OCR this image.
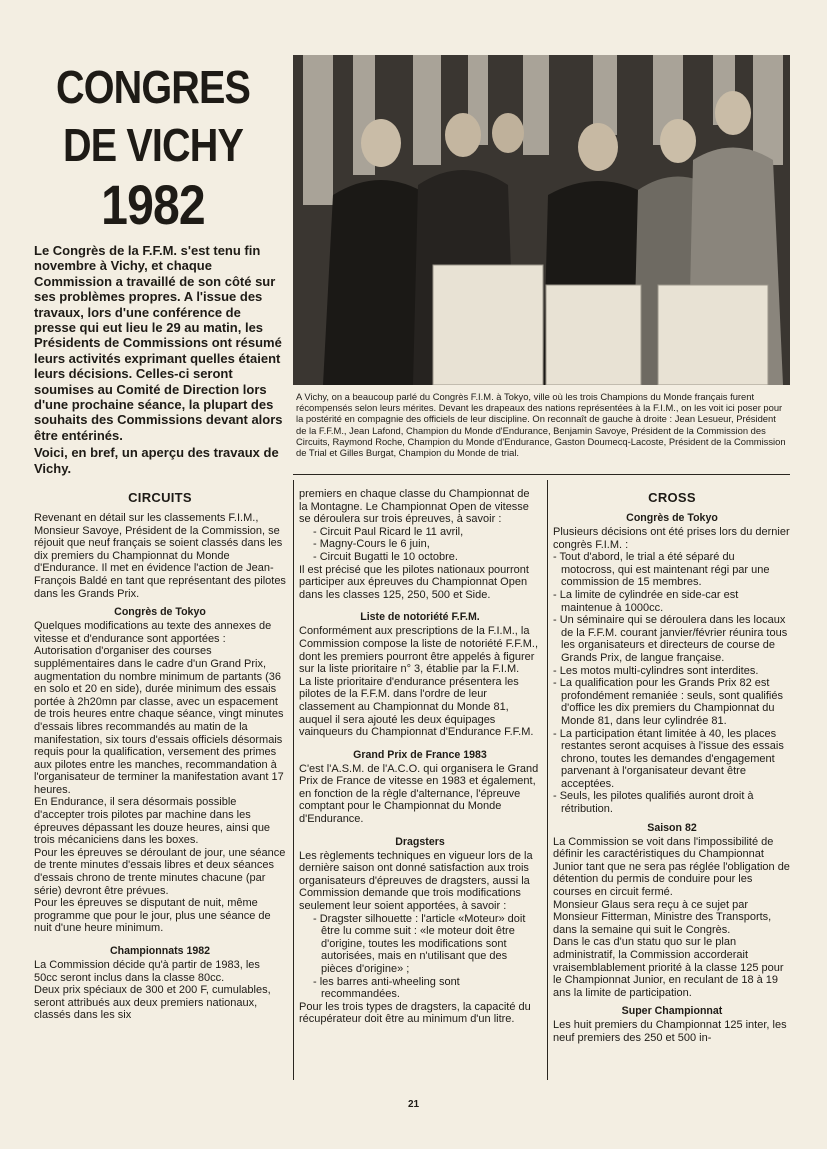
CONGRES
DE VICHY
1982

Le Congrès de la F.F.M. s'est tenu fin novembre à Vichy, et chaque Commission a travaillé de son côté sur ses problèmes propres. A l'issue des travaux, lors d'une conférence de presse qui eut lieu le 29 au matin, les Présidents de Commissions ont résumé leurs activités exprimant quelles étaient leurs décisions. Celles-ci seront soumises au Comité de Direction lors d'une prochaine séance, la plupart des souhaits des Commissions devant alors être entérinés.

Voici, en bref, un aperçu des travaux de Vichy.

A Vichy, on a beaucoup parlé du Congrès F.I.M. à Tokyo, ville où les trois Champions du Monde français furent récompensés selon leurs mérites. Devant les drapeaux des nations représentées à la F.I.M., on les voit ici poser pour la postérité en compagnie des officiels de leur discipline. On reconnaît de gauche à droite : Jean Lesueur, Président de la F.F.M., Jean Lafond, Champion du Monde d'Endurance, Benjamin Savoye, Président de la Commission des Circuits, Raymond Roche, Champion du Monde d'Endurance, Gaston Doumecq-Lacoste, Président de la Commission de Trial et Gilles Burgat, Champion du Monde de trial.
CIRCUITS

Revenant en détail sur les classements F.I.M., Monsieur Savoye, Président de la Commission, se réjouit que neuf français se soient classés dans les dix premiers du Championnat du Monde d'Endurance. Il met en évidence l'action de Jean-François Baldé en tant que représentant des pilotes dans les Grands Prix.

Congrès de Tokyo

Quelques modifications au texte des annexes de vitesse et d'endurance sont apportées :

Autorisation d'organiser des courses supplémentaires dans le cadre d'un Grand Prix, augmentation du nombre minimum de partants (36 en solo et 20 en side), durée minimum des essais portée à 2h20mn par classe, avec un espacement de trois heures entre chaque séance, vingt minutes d'essais libres recommandés au matin de la manifestation, six tours d'essais officiels désormais requis pour la qualification, versement des primes aux pilotes entre les manches, recommandation à l'organisateur de terminer la manifestation avant 17 heures.

En Endurance, il sera désormais possible d'accepter trois pilotes par machine dans les épreuves dépassant les douze heures, ainsi que trois mécaniciens dans les boxes.

Pour les épreuves se déroulant de jour, une séance de trente minutes d'essais libres et deux séances d'essais chrono de trente minutes chacune (par série) devront être prévues.

Pour les épreuves se disputant de nuit, même programme que pour le jour, plus une séance de nuit d'une heure minimum.

Championnats 1982

La Commission décide qu'à partir de 1983, les 50cc seront inclus dans la classe 80cc.

Deux prix spéciaux de 300 et 200 F, cumulables, seront attribués aux deux premiers nationaux, classés dans les six

premiers en chaque classe du Championnat de la Montagne. Le Championnat Open de vitesse se déroulera sur trois épreuves, à savoir :

- Circuit Paul Ricard le 11 avril,
- Magny-Cours le 6 juin,
- Circuit Bugatti le 10 octobre.

Il est précisé que les pilotes nationaux pourront participer aux épreuves du Championnat Open dans les classes 125, 250, 500 et Side.

Liste de notoriété F.F.M.

Conformément aux prescriptions de la F.I.M., la Commission compose la liste de notoriété F.F.M., dont les premiers pourront être appelés à figurer sur la liste prioritaire n° 3, établie par la F.I.M.

La liste prioritaire d'endurance présentera les pilotes de la F.F.M. dans l'ordre de leur classement au Championnat du Monde 81, auquel il sera ajouté les deux équipages vainqueurs du Championnat d'Endurance F.F.M.

Grand Prix de France 1983

C'est l'A.S.M. de l'A.C.O. qui organisera le Grand Prix de France de vitesse en 1983 et également, en fonction de la règle d'alternance, l'épreuve comptant pour le Championnat du Monde d'Endurance.

Dragsters

Les règlements techniques en vigueur lors de la dernière saison ont donné satisfaction aux trois organisateurs d'épreuves de dragsters, aussi la Commission demande que trois modifications seulement leur soient apportées, à savoir :

- Dragster silhouette : l'article «Moteur» doit être lu comme suit : «le moteur doit être d'origine, toutes les modifications sont autorisées, mais en n'utilisant que des pièces d'origine» ;
- les barres anti-wheeling sont recommandées.

Pour les trois types de dragsters, la capacité du récupérateur doit être au minimum d'un litre.

CROSS
Congrès de Tokyo

Plusieurs décisions ont été prises lors du dernier congrès F.I.M. :

- Tout d'abord, le trial a été séparé du motocross, qui est maintenant régi par une commission de 15 membres.
- La limite de cylindrée en side-car est maintenue à 1000cc.
- Un séminaire qui se déroulera dans les locaux de la F.F.M. courant janvier/février réunira tous les organisateurs et directeurs de course de Grands Prix, de langue française.
- Les motos multi-cylindres sont interdites.
- La qualification pour les Grands Prix 82 est profondément remaniée : seuls, sont qualifiés d'office les dix premiers du Championnat du Monde 81, dans leur cylindrée 81.
- La participation étant limitée à 40, les places restantes seront acquises à l'issue des essais chrono, toutes les demandes d'engagement parvenant à l'organisateur devant être acceptées.
- Seuls, les pilotes qualifiés auront droit à rétribution.
Saison 82

La Commission se voit dans l'impossibilité de définir les caractéristiques du Championnat Junior tant que ne sera pas réglée l'obligation de détention du permis de conduire pour les courses en circuit fermé.

Monsieur Glaus sera reçu à ce sujet par Monsieur Fitterman, Ministre des Transports, dans la semaine qui suit le Congrès.

Dans le cas d'un statu quo sur le plan administratif, la Commission accorderait vraisemblablement priorité à la classe 125 pour le Championnat Junior, en reculant de 18 à 19 ans la limite de participation.

Super Championnat

Les huit premiers du Championnat 125 inter, les neuf premiers des 250 et 500 in-

21
